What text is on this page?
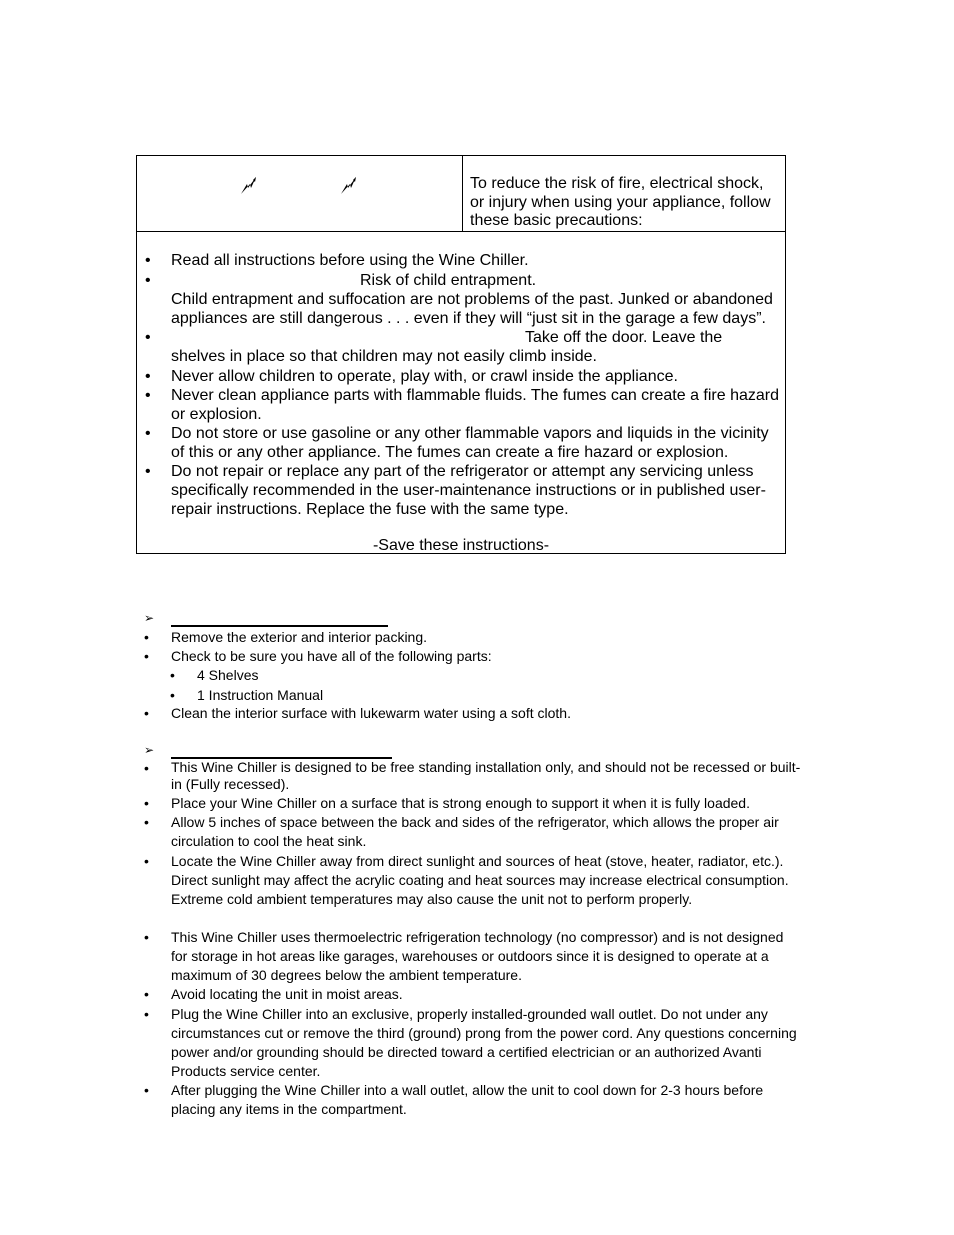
To reduce the risk of fire, electrical shock, or injury when using your appliance, follow these basic precautions:
• Read all instructions before using the Wine Chiller.
•	Risk of child entrapment.
Child entrapment and suffocation are not problems of the past. Junked or abandoned appliances are still dangerous . . . even if they will “just sit in the garage a few days”.
•	Take off the door. Leave the
shelves in place so that children may not easily climb inside.
• Never allow children to operate, play with, or crawl inside the appliance.
• Never clean appliance parts with flammable fluids. The fumes can create a fire hazard or explosion.
• Do not store or use gasoline or any other flammable vapors and liquids in the vicinity of this or any other appliance. The fumes can create a fire hazard or explosion.
• Do not repair or replace any part of the refrigerator or attempt any servicing unless specifically recommended in the user-maintenance instructions or in published user-repair instructions. Replace the fuse with the same type.
-Save these instructions-
➢
• Remove the exterior and interior packing.
• Check to be sure you have all of the following parts:
• 4 Shelves
• 1 Instruction Manual
• Clean the interior surface with lukewarm water using a soft cloth.
➢
• This Wine Chiller is designed to be free standing installation only, and should not be recessed or built-in (Fully recessed).
• Place your Wine Chiller on a surface that is strong enough to support it when it is fully loaded.
• Allow 5 inches of space between the back and sides of the refrigerator, which allows the proper air circulation to cool the heat sink.
• Locate the Wine Chiller away from direct sunlight and sources of heat (stove, heater, radiator, etc.). Direct sunlight may affect the acrylic coating and heat sources may increase electrical consumption. Extreme cold ambient temperatures may also cause the unit not to perform properly.
• This Wine Chiller uses thermoelectric refrigeration technology (no compressor) and is not designed for storage in hot areas like garages, warehouses or outdoors since it is designed to operate at a maximum of 30 degrees below the ambient temperature.
• Avoid locating the unit in moist areas.
• Plug the Wine Chiller into an exclusive, properly installed-grounded wall outlet. Do not under any circumstances cut or remove the third (ground) prong from the power cord. Any questions concerning power and/or grounding should be directed toward a certified electrician or an authorized Avanti Products service center.
• After plugging the Wine Chiller into a wall outlet, allow the unit to cool down for 2-3 hours before placing any items in the compartment.
